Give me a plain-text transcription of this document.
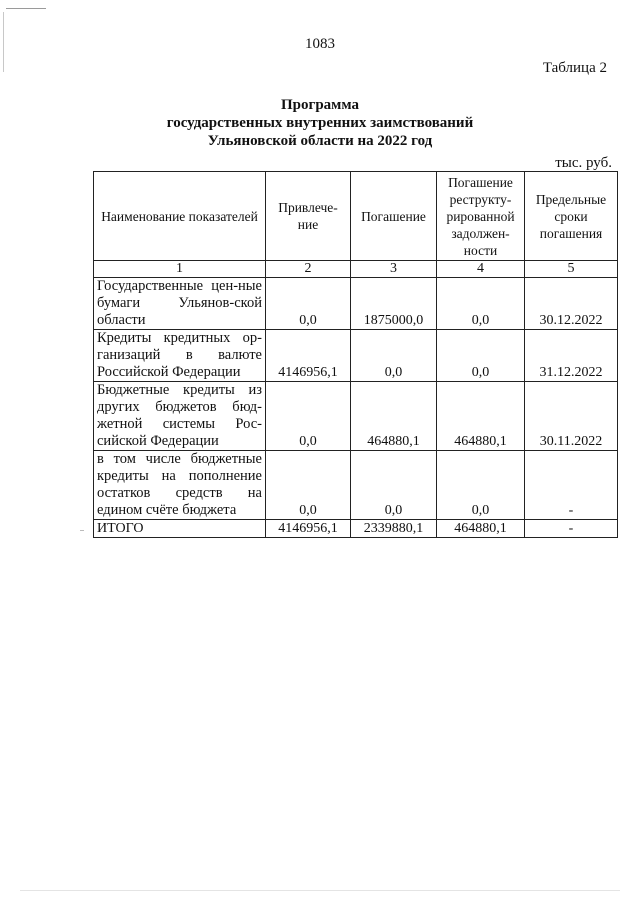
1083
Таблица 2
Программа
государственных внутренних заимствований
Ульяновской области на 2022 год
тыс. руб.
Наименование показателей	Привлече-ние	Погашение	Погашение реструкту-рированной задолжен-ности	Предельные сроки погашения
1	2	3	4	5
Государственные цен-ные бумаги Ульянов-ской области	0,0	1875000,0	0,0	30.12.2022
Кредиты кредитных ор-ганизаций в валюте Российской Федерации	4146956,1	0,0	0,0	31.12.2022
Бюджетные кредиты из других бюджетов бюд-жетной системы Рос-сийской Федерации	0,0	464880,1	464880,1	30.11.2022
в том числе бюджетные кредиты на пополнение остатков средств на едином счёте бюджета	0,0	0,0	0,0	-
ИТОГО	4146956,1	2339880,1	464880,1	-
